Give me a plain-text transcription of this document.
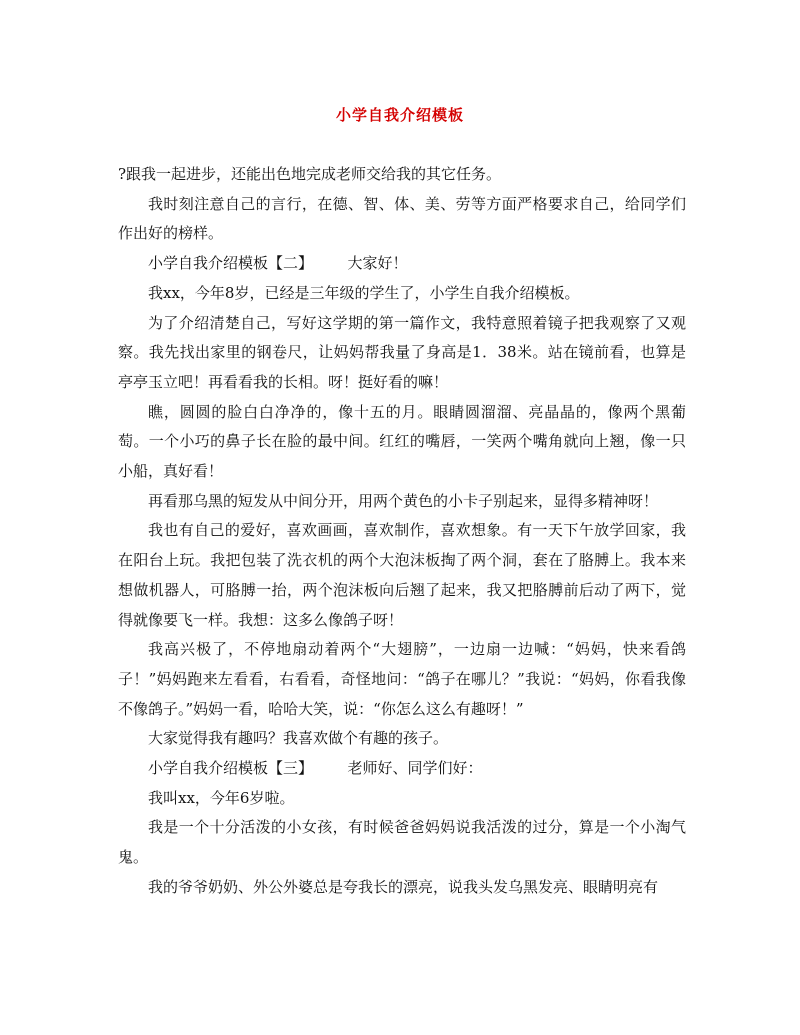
小学自我介绍模板

?跟我一起进步，还能出色地完成老师交给我的其它任务。

我时刻注意自己的言行，在德、智、体、美、劳等方面严格要求自己，给同学们作出好的榜样。

小学自我介绍模板【二】 大家好！

我xx，今年8岁，已经是三年级的学生了，小学生自我介绍模板。

为了介绍清楚自己，写好这学期的第一篇作文，我特意照着镜子把我观察了又观察。我先找出家里的钢卷尺，让妈妈帮我量了身高是1．38米。站在镜前看，也算是亭亭玉立吧！再看看我的长相。呀！挺好看的嘛！

瞧，圆圆的脸白白净净的，像十五的月。眼睛圆溜溜、亮晶晶的，像两个黑葡萄。一个小巧的鼻子长在脸的最中间。红红的嘴唇，一笑两个嘴角就向上翘，像一只小船，真好看！

再看那乌黑的短发从中间分开，用两个黄色的小卡子别起来，显得多精神呀！

我也有自己的爱好，喜欢画画，喜欢制作，喜欢想象。有一天下午放学回家，我在阳台上玩。我把包装了洗衣机的两个大泡沫板掏了两个洞，套在了胳膊上。我本来想做机器人，可胳膊一抬，两个泡沫板向后翘了起来，我又把胳膊前后动了两下，觉得就像要飞一样。我想：这多么像鸽子呀！

我高兴极了，不停地扇动着两个“大翅膀”，一边扇一边喊：“妈妈，快来看鸽子！”妈妈跑来左看看，右看看，奇怪地问：“鸽子在哪儿？”我说：“妈妈，你看我像不像鸽子。”妈妈一看，哈哈大笑，说：“你怎么这么有趣呀！”

大家觉得我有趣吗？我喜欢做个有趣的孩子。

小学自我介绍模板【三】 老师好、同学们好：

我叫xx，今年6岁啦。

我是一个十分活泼的小女孩，有时候爸爸妈妈说我活泼的过分，算是一个小淘气鬼。

我的爷爷奶奶、外公外婆总是夸我长的漂亮，说我头发乌黑发亮、眼睛明亮有
